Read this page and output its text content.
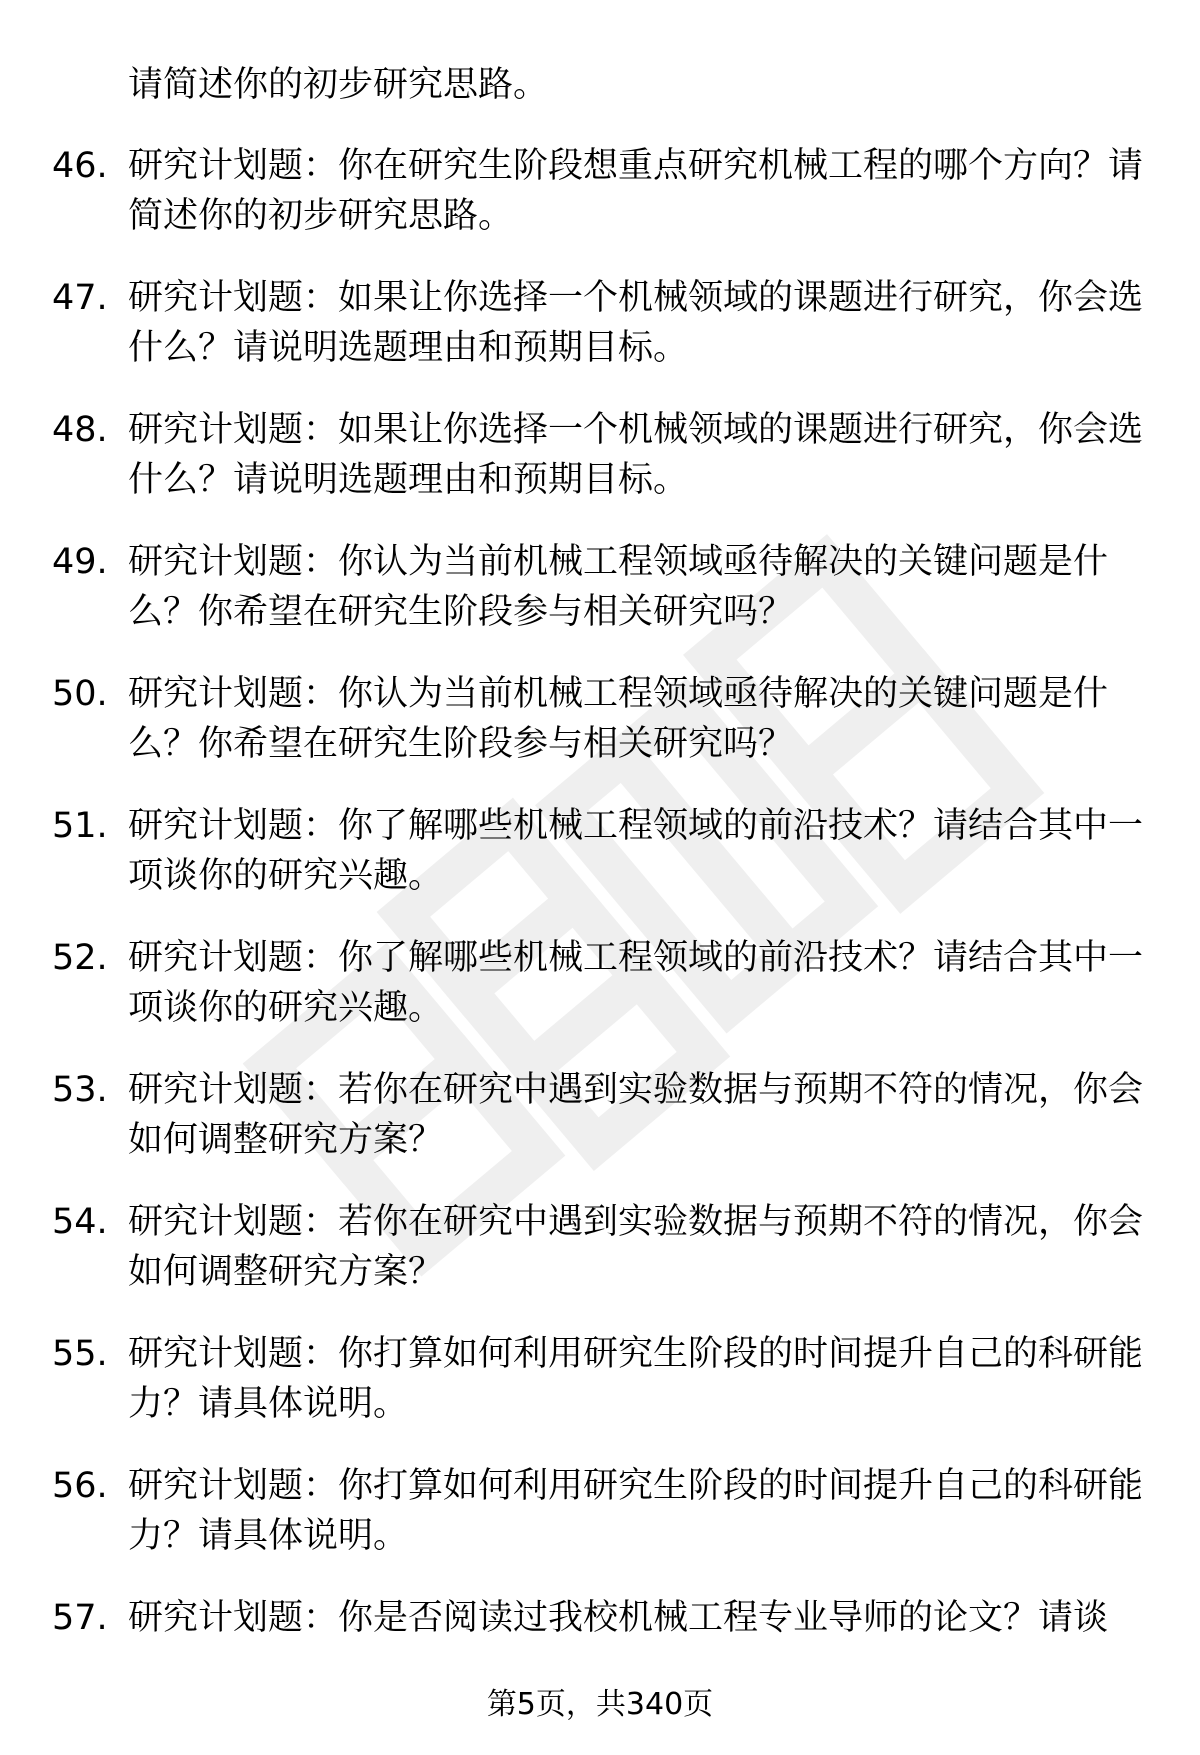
请简述你的初步研究思路。
46. 研究计划题：你在研究生阶段想重点研究机械工程的哪个方向？请简述你的初步研究思路。
47. 研究计划题：如果让你选择一个机械领域的课题进行研究，你会选什么？请说明选题理由和预期目标。
48. 研究计划题：如果让你选择一个机械领域的课题进行研究，你会选什么？请说明选题理由和预期目标。
49. 研究计划题：你认为当前机械工程领域亟待解决的关键问题是什么？你希望在研究生阶段参与相关研究吗？
50. 研究计划题：你认为当前机械工程领域亟待解决的关键问题是什么？你希望在研究生阶段参与相关研究吗？
51. 研究计划题：你了解哪些机械工程领域的前沿技术？请结合其中一项谈你的研究兴趣。
52. 研究计划题：你了解哪些机械工程领域的前沿技术？请结合其中一项谈你的研究兴趣。
53. 研究计划题：若你在研究中遇到实验数据与预期不符的情况，你会如何调整研究方案？
54. 研究计划题：若你在研究中遇到实验数据与预期不符的情况，你会如何调整研究方案？
55. 研究计划题：你打算如何利用研究生阶段的时间提升自己的科研能力？请具体说明。
56. 研究计划题：你打算如何利用研究生阶段的时间提升自己的科研能力？请具体说明。
57. 研究计划题：你是否阅读过我校机械工程专业导师的论文？请谈
第5页，共340页
